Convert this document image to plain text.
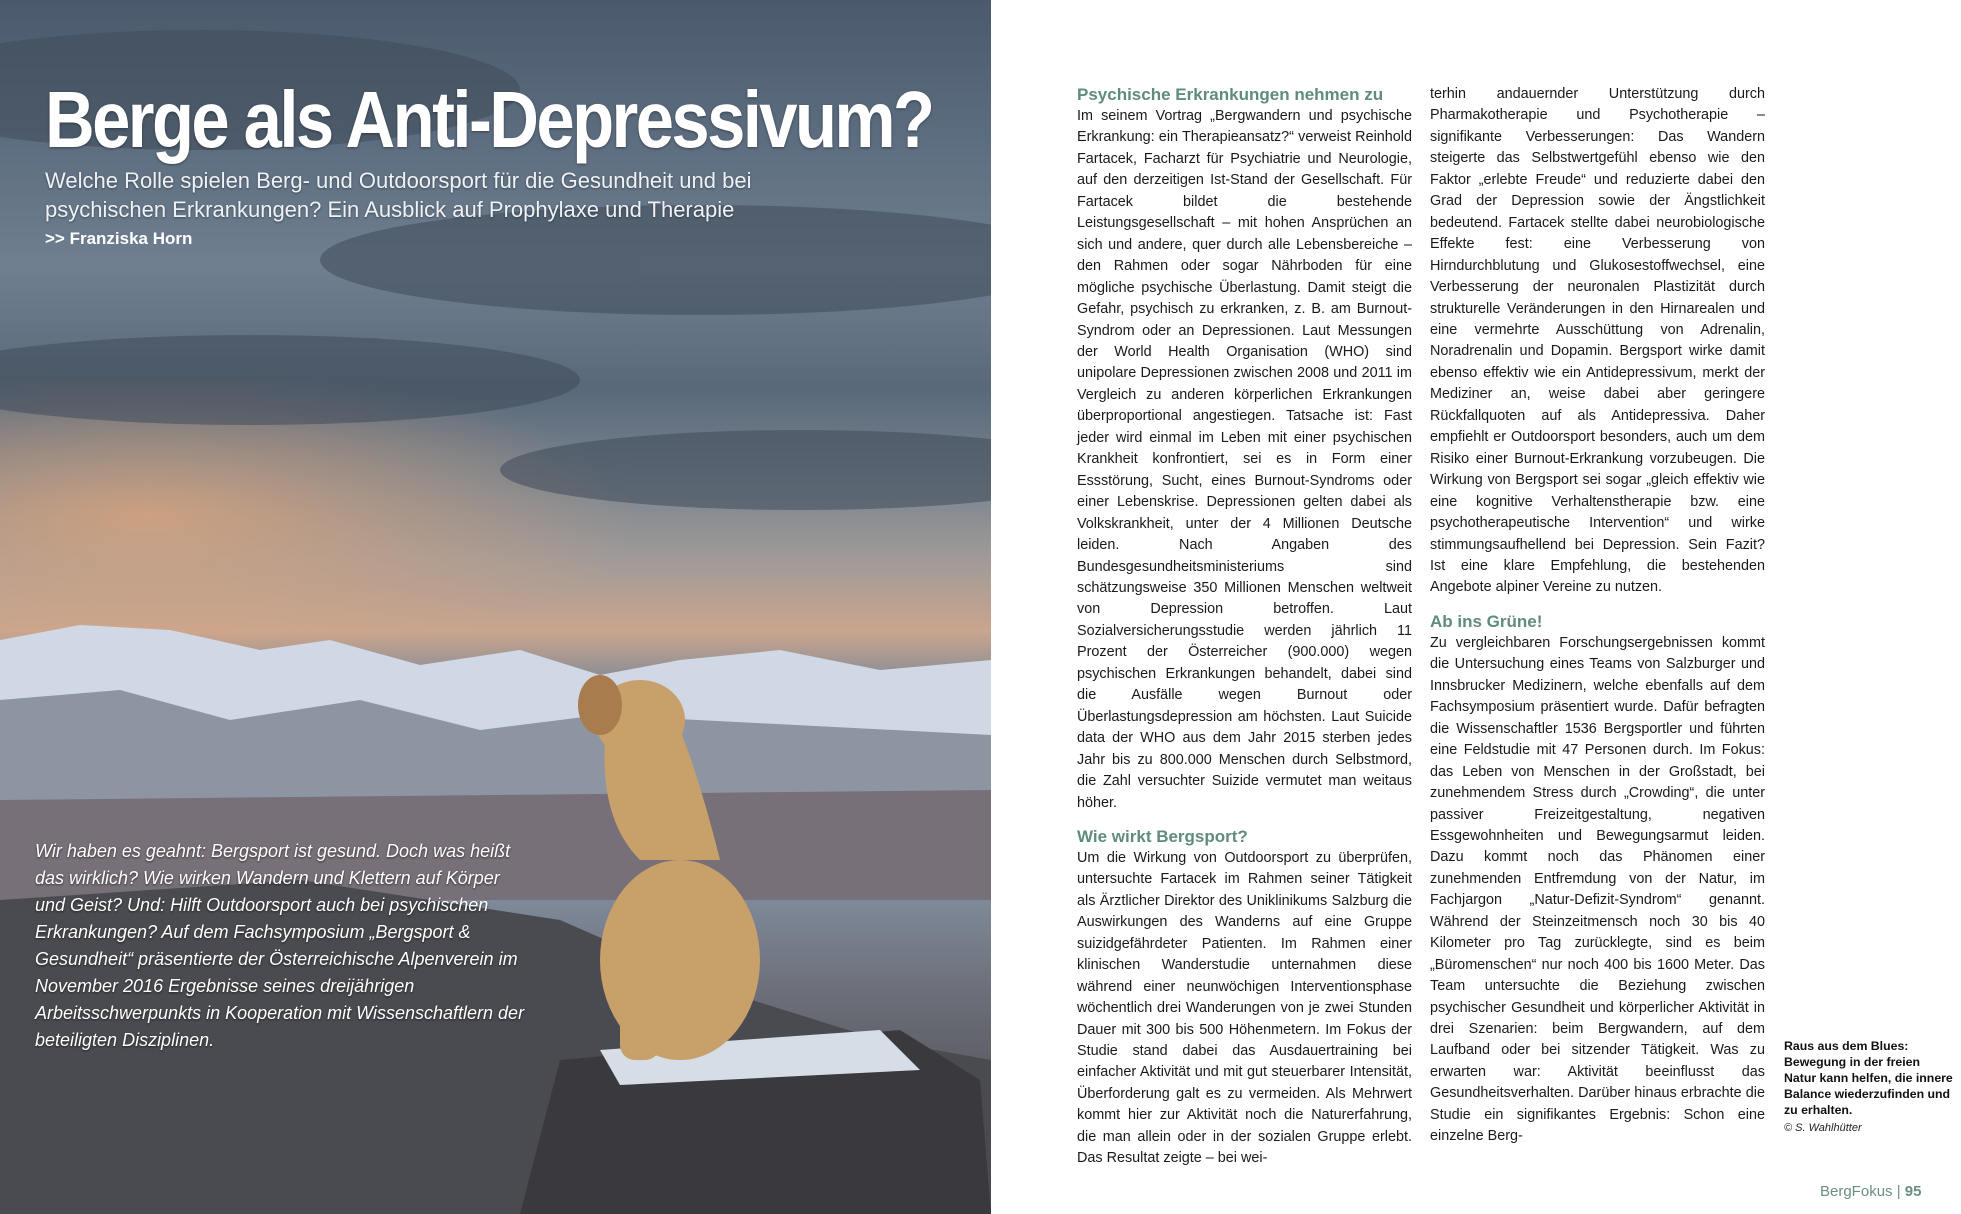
Berge als Anti-Depressivum?
Welche Rolle spielen Berg- und Outdoorsport für die Gesundheit und bei psychischen Erkrankungen? Ein Ausblick auf Prophylaxe und Therapie
>> Franziska Horn
Wir haben es geahnt: Bergsport ist gesund. Doch was heißt das wirklich? Wie wirken Wandern und Klettern auf Körper und Geist? Und: Hilft Outdoorsport auch bei psychischen Erkrankungen? Auf dem Fachsymposium „Bergsport & Gesundheit“ präsentierte der Österreichische Alpenverein im November 2016 Ergebnisse seines dreijährigen Arbeitsschwerpunkts in Kooperation mit Wissenschaftlern der beteiligten Disziplinen.
Psychische Erkrankungen nehmen zu

Im seinem Vortrag „Bergwandern und psychische Erkrankung: ein Therapieansatz?“ verweist Reinhold Fartacek, Facharzt für Psychiatrie und Neurologie, auf den derzeitigen Ist-Stand der Gesellschaft. Für Fartacek bildet die bestehende Leistungsgesellschaft – mit hohen Ansprüchen an sich und andere, quer durch alle Lebensbereiche – den Rahmen oder sogar Nährboden für eine mögliche psychische Überlastung. Damit steigt die Gefahr, psychisch zu erkranken, z. B. am Burnout-Syndrom oder an Depressionen. Laut Messungen der World Health Organisation (WHO) sind unipolare Depressionen zwischen 2008 und 2011 im Vergleich zu anderen körperlichen Erkrankungen überproportional angestiegen. Tatsache ist: Fast jeder wird einmal im Leben mit einer psychischen Krankheit konfrontiert, sei es in Form einer Essstörung, Sucht, eines Burnout-Syndroms oder einer Lebenskrise. Depressionen gelten dabei als Volkskrankheit, unter der 4 Millionen Deutsche leiden. Nach Angaben des Bundesgesundheitsministeriums sind schätzungsweise 350 Millionen Menschen weltweit von Depression betroffen. Laut Sozialversicherungsstudie werden jährlich 11 Prozent der Österreicher (900.000) wegen psychischen Erkrankungen behandelt, dabei sind die Ausfälle wegen Burnout oder Überlastungsdepression am höchsten. Laut Suicide data der WHO aus dem Jahr 2015 sterben jedes Jahr bis zu 800.000 Menschen durch Selbstmord, die Zahl versuchter Suizide vermutet man weitaus höher.

Wie wirkt Bergsport?

Um die Wirkung von Outdoorsport zu überprüfen, untersuchte Fartacek im Rahmen seiner Tätigkeit als Ärztlicher Direktor des Uniklinikums Salzburg die Auswirkungen des Wanderns auf eine Gruppe suizidgefährdeter Patienten. Im Rahmen einer klinischen Wanderstudie unternahmen diese während einer neunwöchigen Interventionsphase wöchentlich drei Wanderungen von je zwei Stunden Dauer mit 300 bis 500 Höhenmetern. Im Fokus der Studie stand dabei das Ausdauertraining bei einfacher Aktivität und mit gut steuerbarer Intensität, Überforderung galt es zu vermeiden. Als Mehrwert kommt hier zur Aktivität noch die Naturerfahrung, die man allein oder in der sozialen Gruppe erlebt. Das Resultat zeigte – bei wei-

terhin andauernder Unterstützung durch Pharmakotherapie und Psychotherapie – signifikante Verbesserungen: Das Wandern steigerte das Selbstwertgefühl ebenso wie den Faktor „erlebte Freude“ und reduzierte dabei den Grad der Depression sowie der Ängstlichkeit bedeutend. Fartacek stellte dabei neurobiologische Effekte fest: eine Verbesserung von Hirndurchblutung und Glukosestoffwechsel, eine Verbesserung der neuronalen Plastizität durch strukturelle Veränderungen in den Hirnarealen und eine vermehrte Ausschüttung von Adrenalin, Noradrenalin und Dopamin. Bergsport wirke damit ebenso effektiv wie ein Antidepressivum, merkt der Mediziner an, weise dabei aber geringere Rückfallquoten auf als Antidepressiva. Daher empfiehlt er Outdoorsport besonders, auch um dem Risiko einer Burnout-Erkrankung vorzubeugen. Die Wirkung von Bergsport sei sogar „gleich effektiv wie eine kognitive Verhaltenstherapie bzw. eine psychotherapeutische Intervention“ und wirke stimmungsaufhellend bei Depression. Sein Fazit? Ist eine klare Empfehlung, die bestehenden Angebote alpiner Vereine zu nutzen.

Ab ins Grüne!

Zu vergleichbaren Forschungsergebnissen kommt die Untersuchung eines Teams von Salzburger und Innsbrucker Medizinern, welche ebenfalls auf dem Fachsymposium präsentiert wurde. Dafür befragten die Wissenschaftler 1536 Bergsportler und führten eine Feldstudie mit 47 Personen durch. Im Fokus: das Leben von Menschen in der Großstadt, bei zunehmendem Stress durch „Crowding“, die unter passiver Freizeitgestaltung, negativen Essgewohnheiten und Bewegungsarmut leiden. Dazu kommt noch das Phänomen einer zunehmenden Entfremdung von der Natur, im Fachjargon „Natur-Defizit-Syndrom“ genannt. Während der Steinzeitmensch noch 30 bis 40 Kilometer pro Tag zurücklegte, sind es beim „Büromenschen“ nur noch 400 bis 1600 Meter. Das Team untersuchte die Beziehung zwischen psychischer Gesundheit und körperlicher Aktivität in drei Szenarien: beim Bergwandern, auf dem Laufband oder bei sitzender Tätigkeit. Was zu erwarten war: Aktivität beeinflusst das Gesundheitsverhalten. Darüber hinaus erbrachte die Studie ein signifikantes Ergebnis: Schon eine einzelne Berg-

Raus aus dem Blues: Bewegung in der freien Natur kann helfen, die innere Balance wiederzufinden und zu erhalten.
© S. Wahlhütter
BergFokus | 95
